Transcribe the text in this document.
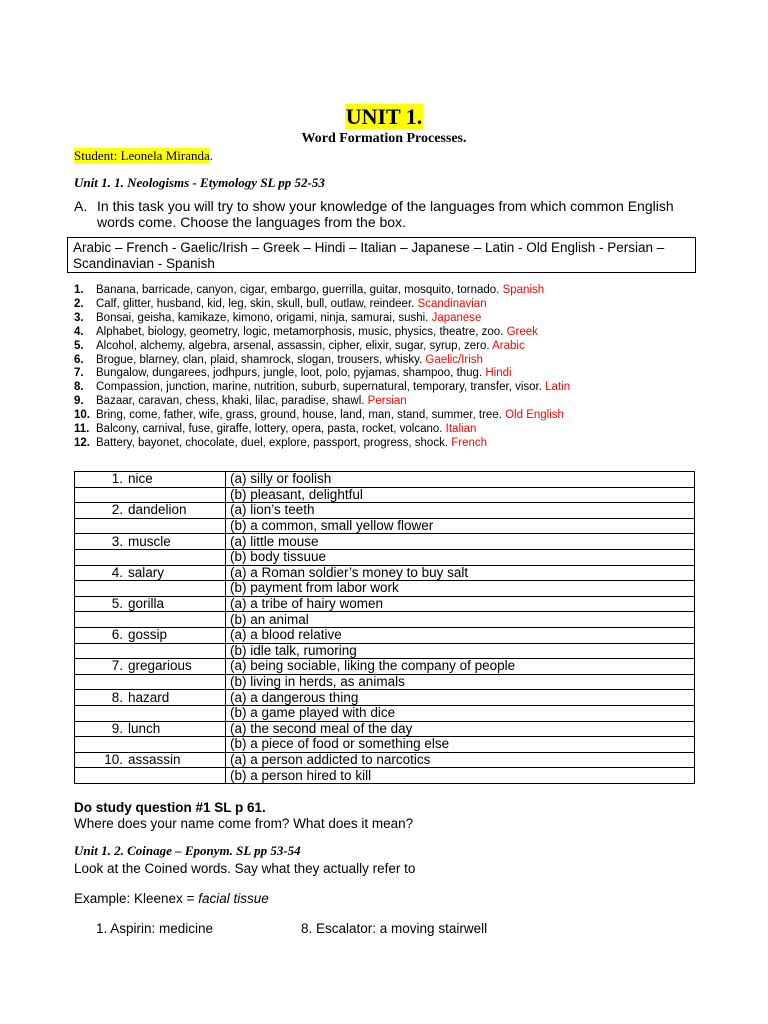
UNIT 1.
Word Formation Processes.
Student: Leonela Miranda.
Unit 1. 1. Neologisms - Etymology SL pp 52-53
A. In this task you will try to show your knowledge of the languages from which common English words come. Choose the languages from the box.
Arabic – French - Gaelic/Irish – Greek – Hindi – Italian – Japanese – Latin - Old English - Persian – Scandinavian - Spanish
1. Banana, barricade, canyon, cigar, embargo, guerrilla, guitar, mosquito, tornado. Spanish
2. Calf, glitter, husband, kid, leg, skin, skull, bull, outlaw, reindeer. Scandinavian
3. Bonsai, geisha, kamikaze, kimono, origami, ninja, samurai, sushi. Japanese
4. Alphabet, biology, geometry, logic, metamorphosis, music, physics, theatre, zoo. Greek
5. Alcohol, alchemy, algebra, arsenal, assassin, cipher, elixir, sugar, syrup, zero. Arabic
6. Brogue, blarney, clan, plaid, shamrock, slogan, trousers, whisky. Gaelic/Irish
7. Bungalow, dungarees, jodhpurs, jungle, loot, polo, pyjamas, shampoo, thug. Hindi
8. Compassion, junction, marine, nutrition, suburb, supernatural, temporary, transfer, visor. Latin
9. Bazaar, caravan, chess, khaki, lilac, paradise, shawl. Persian
10. Bring, come, father, wife, grass, ground, house, land, man, stand, summer, tree. Old English
11. Balcony, carnival, fuse, giraffe, lottery, opera, pasta, rocket, volcano. Italian
12. Battery, bayonet, chocolate, duel, explore, passport, progress, shock. French
1. nice	(a) silly or foolish
	(b) pleasant, delightful
2. dandelion	(a) lion’s teeth
	(b) a common, small yellow flower
3. muscle	(a) little mouse
	(b) body tissuue
4. salary	(a) a Roman soldier’s money to buy salt
	(b) payment from labor work
5. gorilla	(a) a tribe of hairy women
	(b) an animal
6. gossip	(a) a blood relative
	(b) idle talk, rumoring
7. gregarious	(a) being sociable, liking the company of people
	(b) living in herds, as animals
8. hazard	(a) a dangerous thing
	(b) a game played with dice
9. lunch	(a) the second meal of the day
	(b) a piece of food or something else
10. assassin	(a) a person addicted to narcotics
	(b) a person hired to kill
Do study question #1 SL p 61.
Where does your name come from? What does it mean?
Unit 1. 2. Coinage – Eponym. SL pp 53-54
Look at the Coined words. Say what they actually refer to
Example: Kleenex = facial tissue
1. Aspirin: medicine	8. Escalator: a moving stairwell
